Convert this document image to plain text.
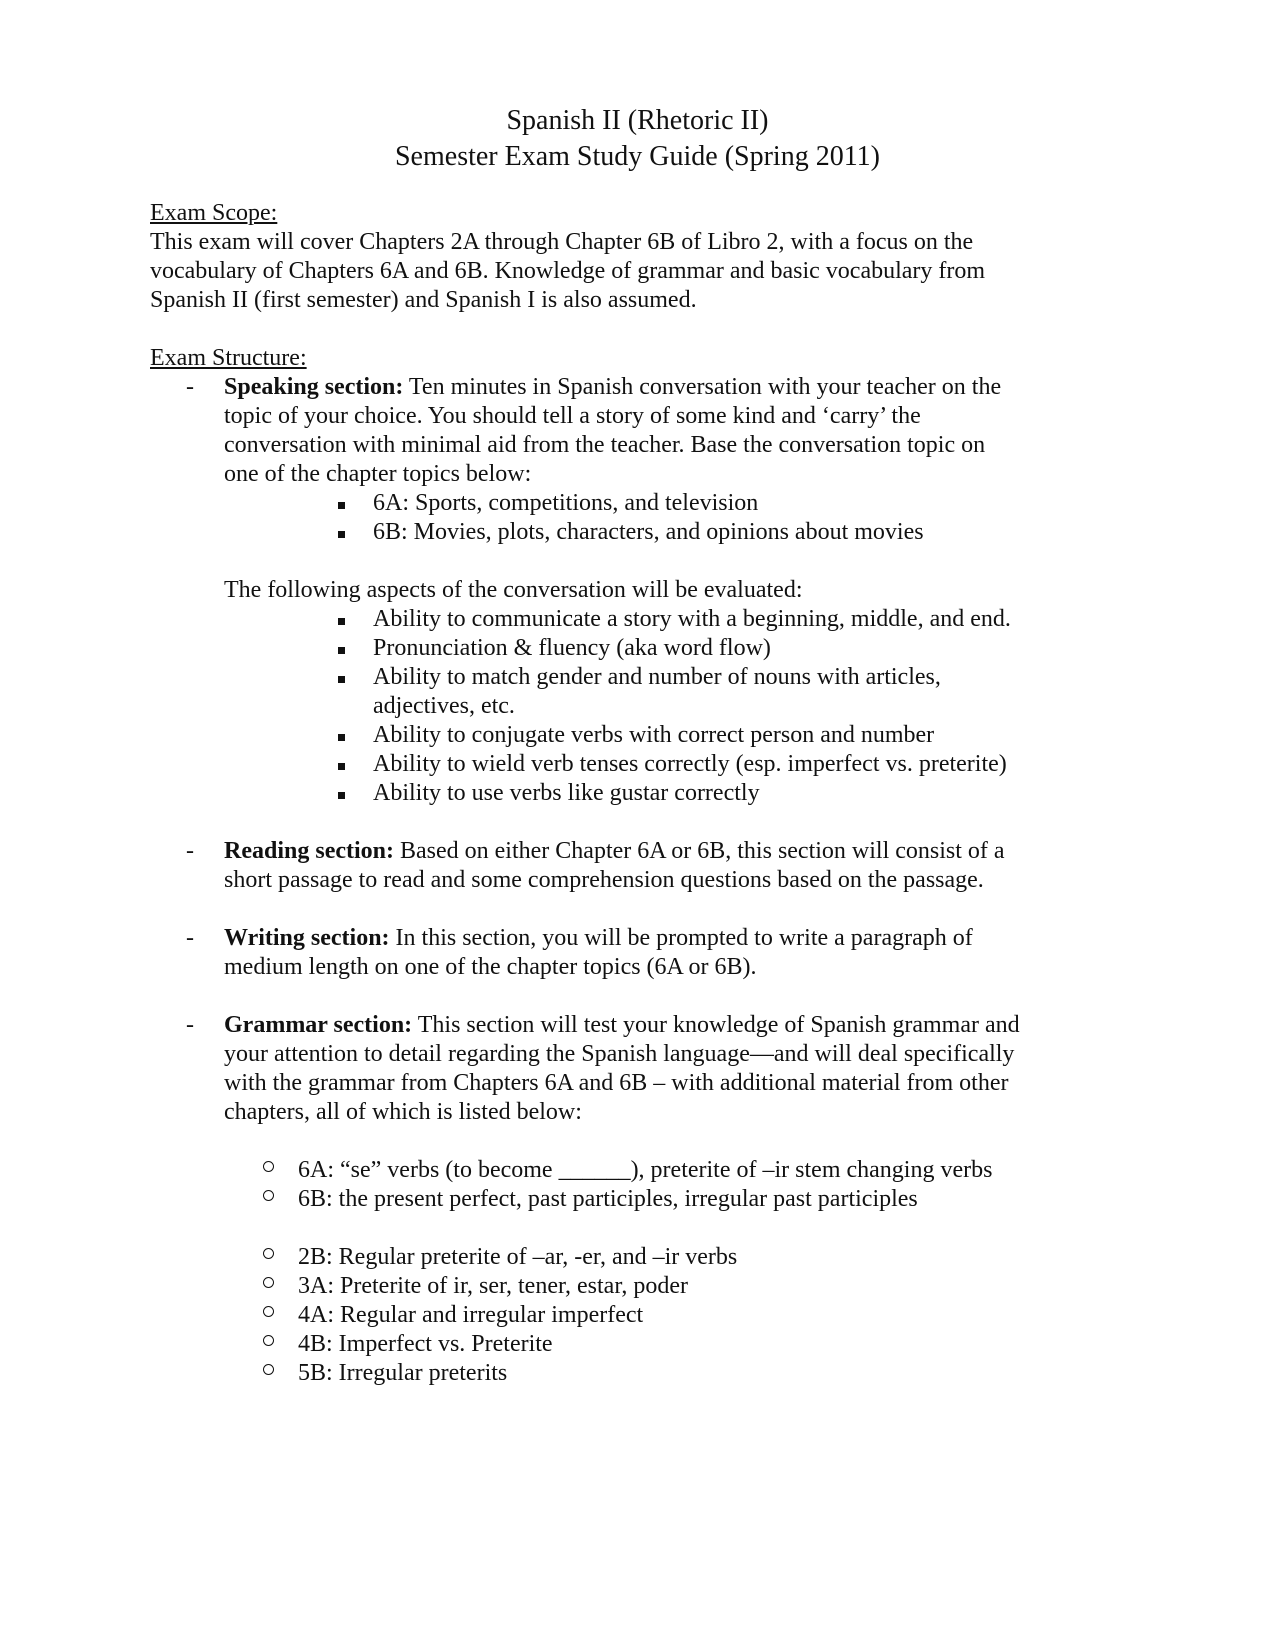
Spanish II (Rhetoric II)
Semester Exam Study Guide (Spring 2011)
Exam Scope:
This exam will cover Chapters 2A through Chapter 6B of Libro 2, with a focus on the
vocabulary of Chapters 6A and 6B. Knowledge of grammar and basic vocabulary from
Spanish II (first semester) and Spanish I is also assumed.
Exam Structure:
- Speaking section: Ten minutes in Spanish conversation with your teacher on the
topic of your choice. You should tell a story of some kind and ‘carry’ the
conversation with minimal aid from the teacher. Base the conversation topic on
one of the chapter topics below:
6A: Sports, competitions, and television
6B: Movies, plots, characters, and opinions about movies
The following aspects of the conversation will be evaluated:
Ability to communicate a story with a beginning, middle, and end.
Pronunciation & fluency (aka word flow)
Ability to match gender and number of nouns with articles,
adjectives, etc.
Ability to conjugate verbs with correct person and number
Ability to wield verb tenses correctly (esp. imperfect vs. preterite)
Ability to use verbs like gustar correctly
- Reading section: Based on either Chapter 6A or 6B, this section will consist of a
short passage to read and some comprehension questions based on the passage.
- Writing section: In this section, you will be prompted to write a paragraph of
medium length on one of the chapter topics (6A or 6B).
- Grammar section: This section will test your knowledge of Spanish grammar and
your attention to detail regarding the Spanish language—and will deal specifically
with the grammar from Chapters 6A and 6B – with additional material from other
chapters, all of which is listed below:
6A: “se” verbs (to become ______), preterite of –ir stem changing verbs
6B: the present perfect, past participles, irregular past participles
2B: Regular preterite of –ar, -er, and –ir verbs
3A: Preterite of ir, ser, tener, estar, poder
4A: Regular and irregular imperfect
4B: Imperfect vs. Preterite
5B: Irregular preterits
